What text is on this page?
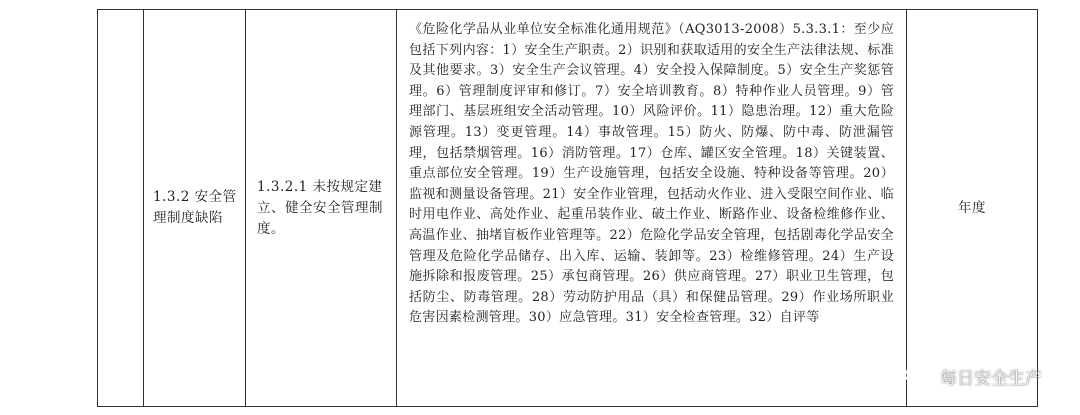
1.3.2 安全管理制度缺陷
1.3.2.1 未按规定建立、健全安全管理制度。
《危险化学品从业单位安全标准化通用规范》（AQ3013-2008）5.3.3.1：至少应包括下列内容：1）安全生产职责。2）识别和获取适用的安全生产法律法规、标准及其他要求。3）安全生产会议管理。4）安全投入保障制度。5）安全生产奖惩管理。6）管理制度评审和修订。7）安全培训教育。8）特种作业人员管理。9）管理部门、基层班组安全活动管理。10）风险评价。11）隐患治理。12）重大危险源管理。13）变更管理。14）事故管理。15）防火、防爆、防中毒、防泄漏管理，包括禁烟管理。16）消防管理。17）仓库、罐区安全管理。18）关键装置、重点部位安全管理。19）生产设施管理，包括安全设施、特种设备等管理。20）监视和测量设备管理。21）安全作业管理，包括动火作业、进入受限空间作业、临时用电作业、高处作业、起重吊装作业、破土作业、断路作业、设备检维修作业、高温作业、抽堵盲板作业管理等。22）危险化学品安全管理，包括剧毒化学品安全管理及危险化学品储存、出入库、运输、装卸等。23）检维修管理。24）生产设施拆除和报废管理。25）承包商管理。26）供应商管理。27）职业卫生管理，包括防尘、防毒管理。28）劳动防护用品（具）和保健品管理。29）作业场所职业危害因素检测管理。30）应急管理。31）安全检查管理。32）自评等
年度
每日安全生产
